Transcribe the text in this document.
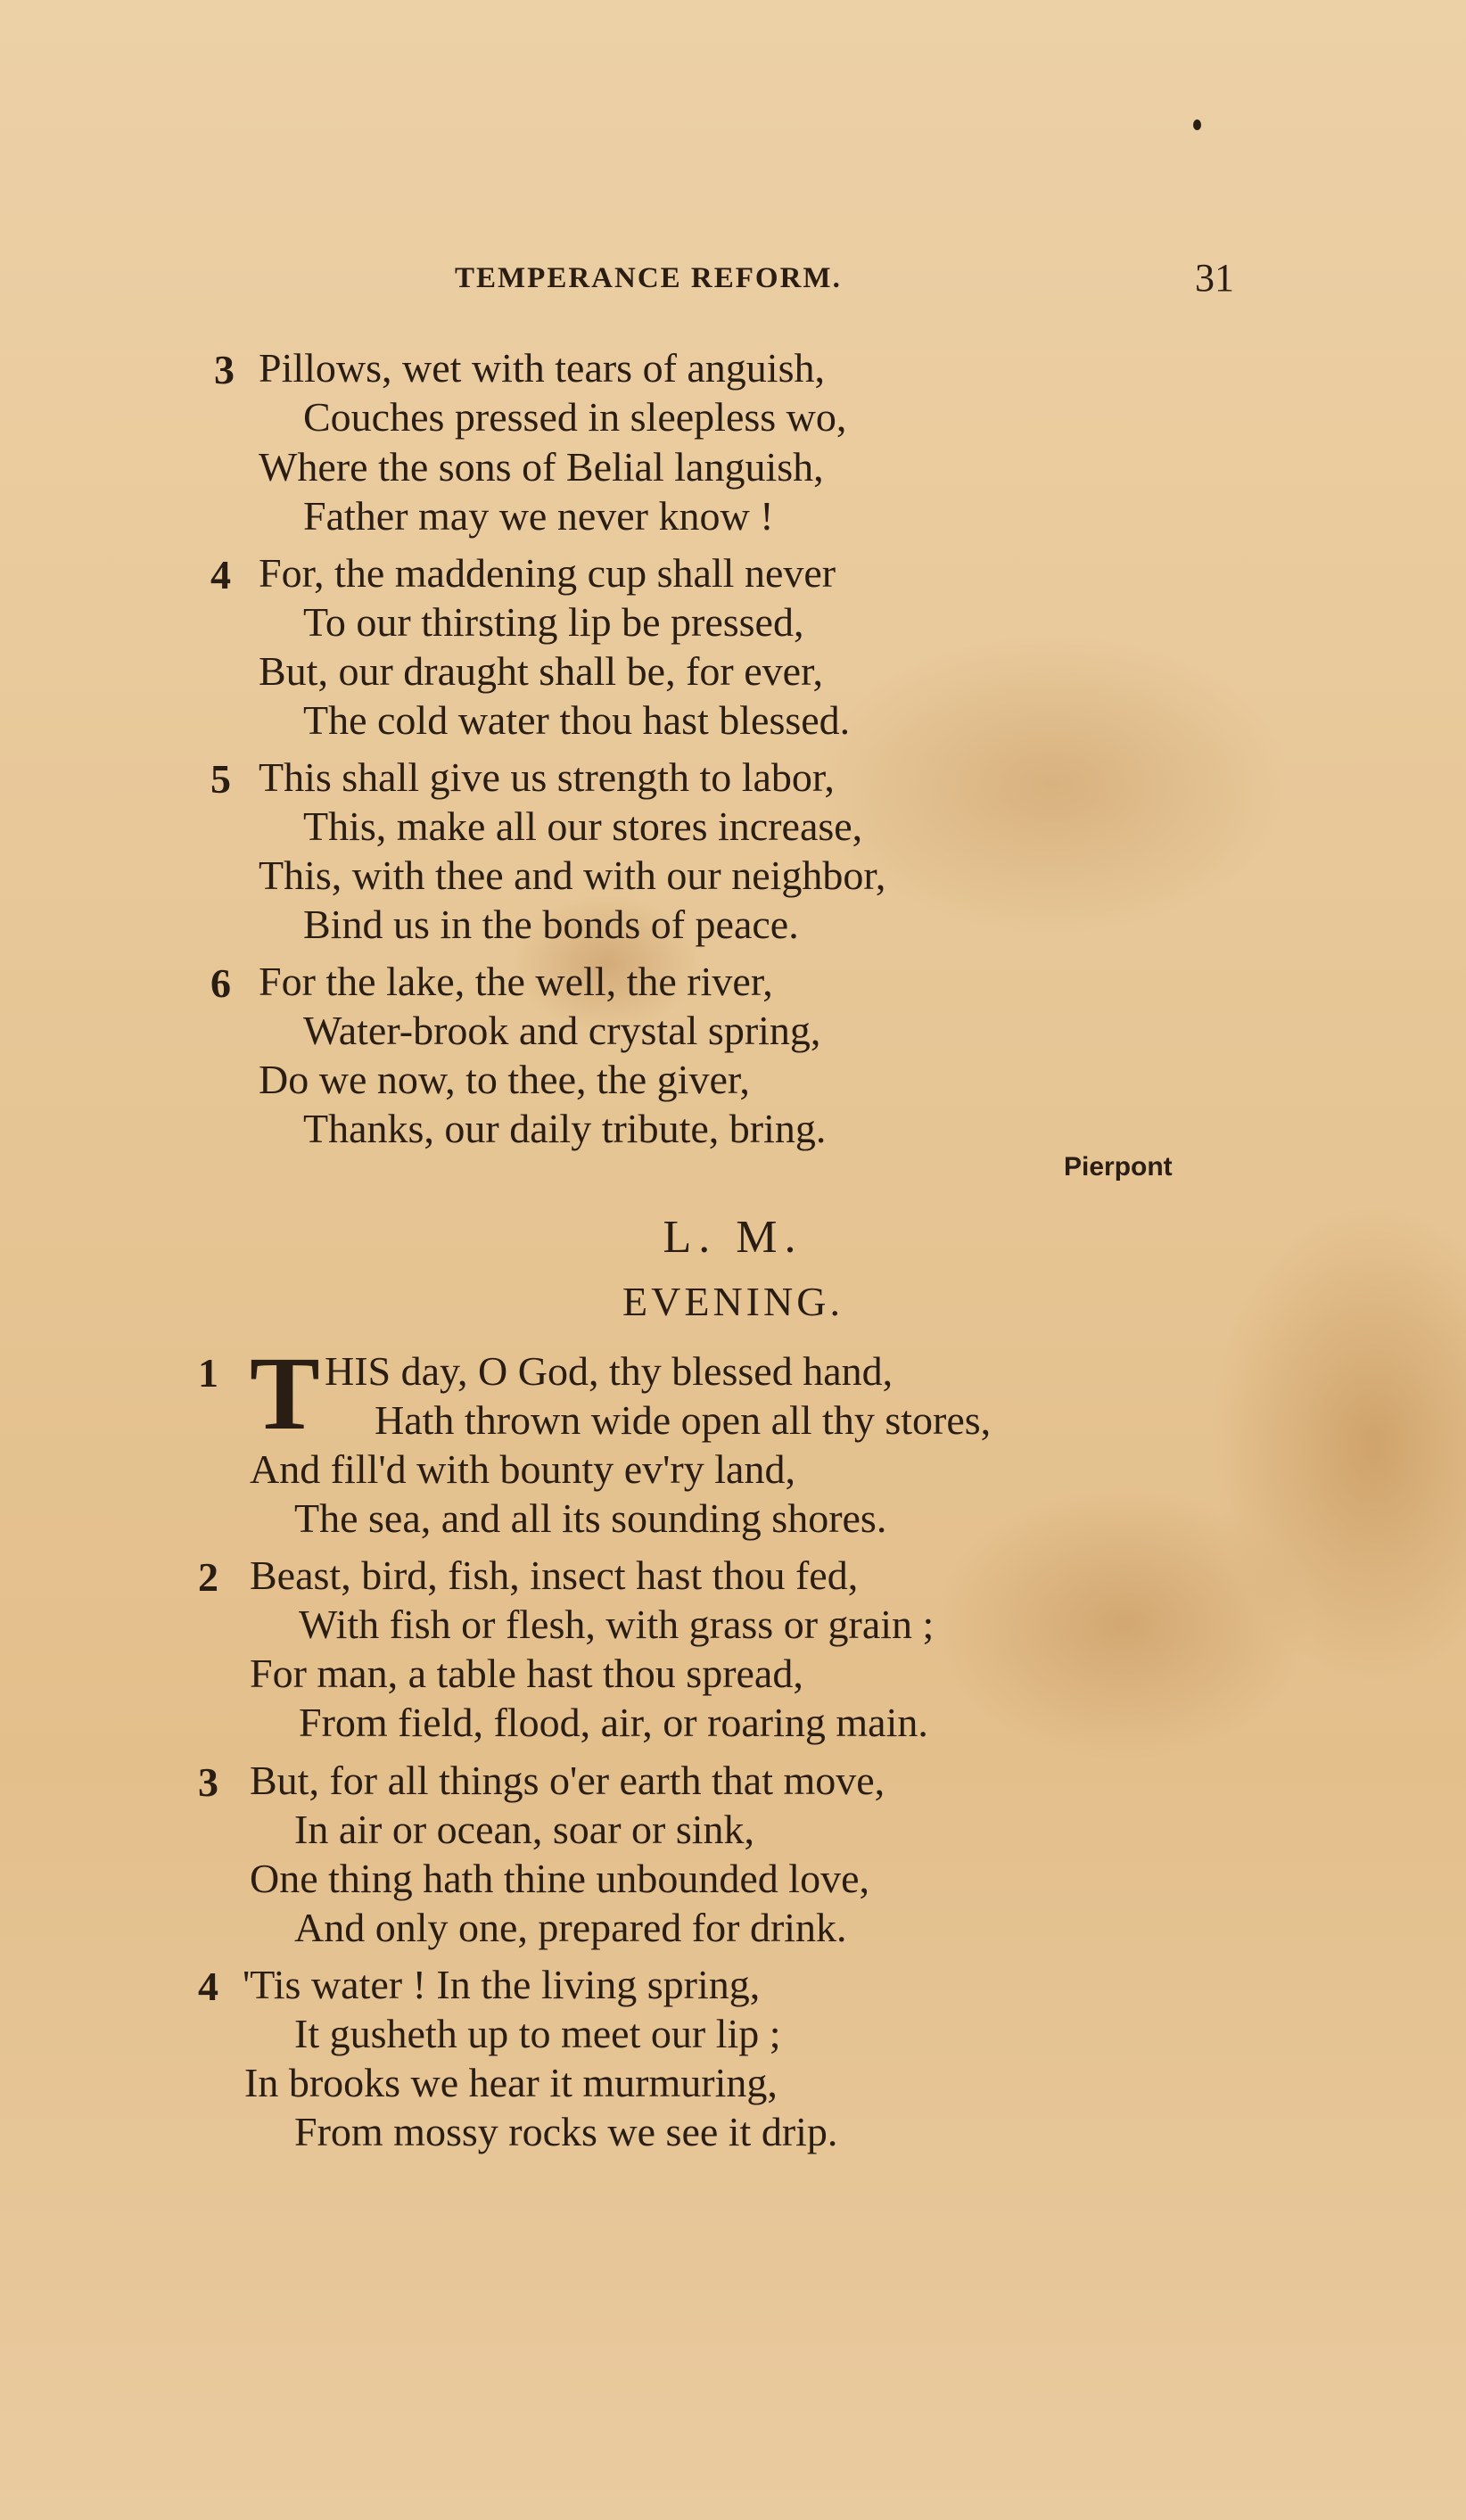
TEMPERANCE REFORM.	31
3 Pillows, wet with tears of anguish,
Couches pressed in sleepless wo,
Where the sons of Belial languish,
Father may we never know !
4 For, the maddening cup shall never
To our thirsting lip be pressed,
But, our draught shall be, for ever,
The cold water thou hast blessed.
5 This shall give us strength to labor,
This, make all our stores increase,
This, with thee and with our neighbor,
Bind us in the bonds of peace.
6 For the lake, the well, the river,
Water-brook and crystal spring,
Do we now, to thee, the giver,
Thanks, our daily tribute, bring.
Pierpont
L. M.
EVENING.
1 T HIS day, O God, thy blessed hand,
Hath thrown wide open all thy stores,
And fill'd with bounty ev'ry land,
The sea, and all its sounding shores.
2 Beast, bird, fish, insect hast thou fed,
With fish or flesh, with grass or grain ;
For man, a table hast thou spread,
From field, flood, air, or roaring main.
3 But, for all things o'er earth that move,
In air or ocean, soar or sink,
One thing hath thine unbounded love,
And only one, prepared for drink.
4 'Tis water ! In the living spring,
It gusheth up to meet our lip ;
In brooks we hear it murmuring,
From mossy rocks we see it drip.
